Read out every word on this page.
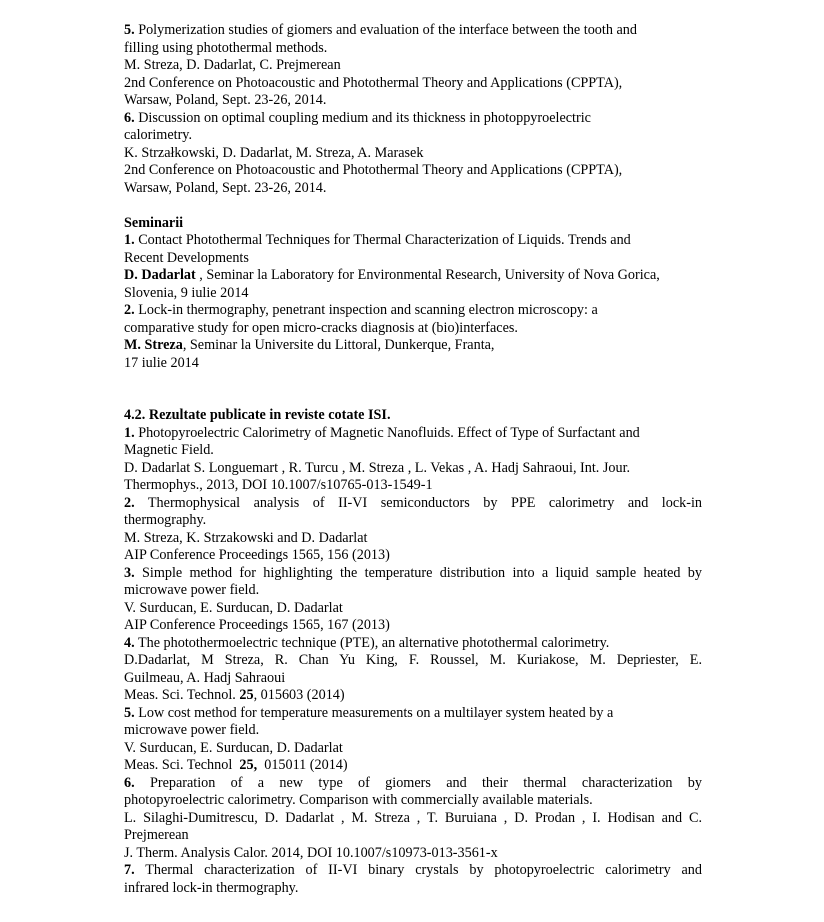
5. Polymerization studies of giomers and evaluation of the interface between the tooth and
filling using photothermal methods.
M. Streza, D. Dadarlat, C. Prejmerean
2nd Conference on Photoacoustic and Photothermal Theory and Applications (CPPTA),
Warsaw, Poland, Sept. 23-26, 2014.
6. Discussion on optimal coupling medium and its thickness in photoppyroelectric
calorimetry.
K. Strzałkowski, D. Dadarlat, M. Streza, A. Marasek
2nd Conference on Photoacoustic and Photothermal Theory and Applications (CPPTA),
Warsaw, Poland, Sept. 23-26, 2014.
Seminarii
1. Contact Photothermal Techniques for Thermal Characterization of Liquids. Trends and
Recent Developments
D. Dadarlat , Seminar la Laboratory for Environmental Research, University of Nova Gorica,
Slovenia, 9 iulie 2014
2. Lock-in thermography, penetrant inspection and scanning electron microscopy: a
comparative study for open micro-cracks diagnosis at (bio)interfaces.
M. Streza, Seminar la Universite du Littoral, Dunkerque, Franta,
17 iulie 2014
4.2. Rezultate publicate in reviste cotate ISI.
1. Photopyroelectric Calorimetry of Magnetic Nanofluids. Effect of Type of Surfactant and
Magnetic Field.
D. Dadarlat S. Longuemart , R. Turcu , M. Streza , L. Vekas , A. Hadj Sahraoui, Int. Jour.
Thermophys., 2013, DOI 10.1007/s10765-013-1549-1
2. Thermophysical analysis of II-VI semiconductors by PPE calorimetry and lock-in
thermography.
M. Streza, K. Strzakowski and D. Dadarlat
AIP Conference Proceedings 1565, 156 (2013)
3. Simple method for highlighting the temperature distribution into a liquid sample heated by
microwave power field.
V. Surducan, E. Surducan, D. Dadarlat
AIP Conference Proceedings 1565, 167 (2013)
4. The photothermoelectric technique (PTE), an alternative photothermal calorimetry.
D.Dadarlat, M Streza, R. Chan Yu King, F. Roussel, M. Kuriakose, M. Depriester, E.
Guilmeau, A. Hadj Sahraoui
Meas. Sci. Technol. 25, 015603 (2014)
5. Low cost method for temperature measurements on a multilayer system heated by a
microwave power field.
V. Surducan, E. Surducan, D. Dadarlat
Meas. Sci. Technol  25,  015011 (2014)
6. Preparation of a new type of giomers and their thermal characterization by
photopyroelectric calorimetry. Comparison with commercially available materials.
L. Silaghi-Dumitrescu, D. Dadarlat , M. Streza , T. Buruiana , D. Prodan , I. Hodisan and C.
Prejmerean
J. Therm. Analysis Calor. 2014, DOI 10.1007/s10973-013-3561-x
7. Thermal characterization of II-VI binary crystals by photopyroelectric calorimetry and
infrared lock-in thermography.
